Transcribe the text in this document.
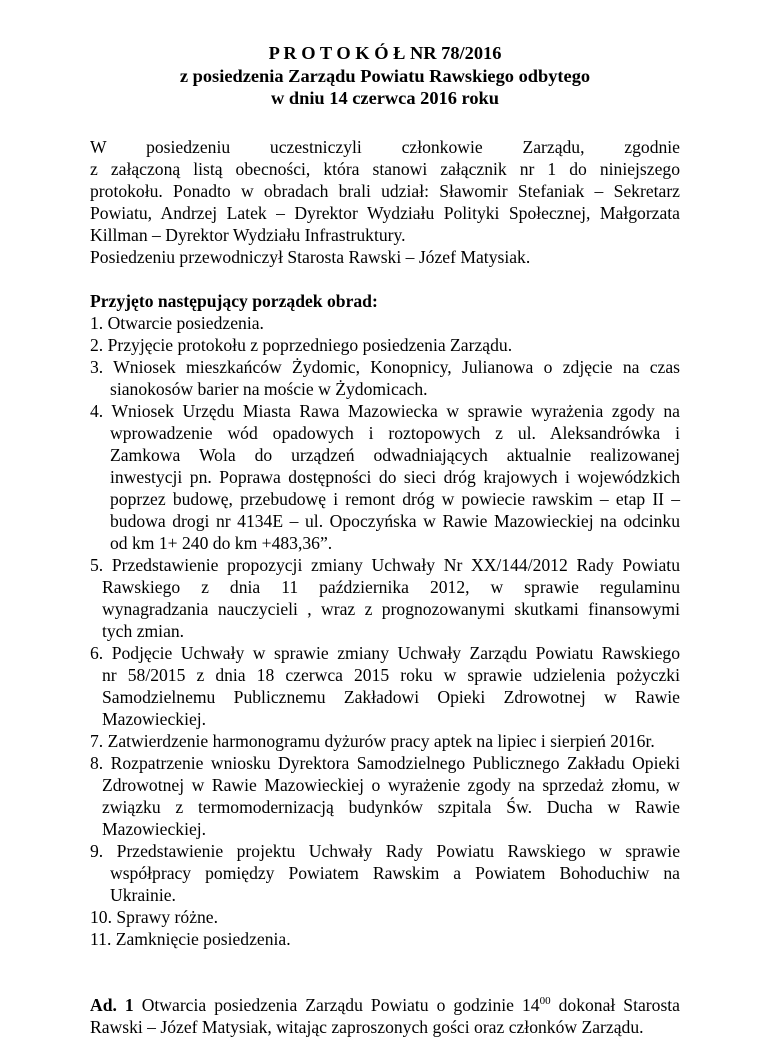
P R O T O K Ó Ł NR 78/2016
z posiedzenia Zarządu Powiatu Rawskiego odbytego
w dniu 14 czerwca 2016 roku
W posiedzeniu uczestniczyli członkowie Zarządu, zgodnie
z załączoną listą obecności, która stanowi załącznik nr 1 do niniejszego
protokołu. Ponadto w obradach brali udział: Sławomir Stefaniak – Sekretarz
Powiatu, Andrzej Latek – Dyrektor Wydziału Polityki Społecznej, Małgorzata
Killman – Dyrektor Wydziału Infrastruktury.
Posiedzeniu przewodniczył Starosta Rawski – Józef Matysiak.
Przyjęto następujący porządek obrad:
1. Otwarcie posiedzenia.
2. Przyjęcie protokołu z poprzedniego posiedzenia Zarządu.
3. Wniosek mieszkańców Żydomic, Konopnicy, Julianowa o zdjęcie na czas
sianokosów barier na moście w Żydomicach.
4. Wniosek Urzędu Miasta Rawa Mazowiecka w sprawie wyrażenia zgody na
wprowadzenie wód opadowych i roztopowych z ul. Aleksandrówka i
Zamkowa Wola do urządzeń odwadniających aktualnie realizowanej
inwestycji pn. Poprawa dostępności do sieci dróg krajowych i wojewódzkich
poprzez budowę, przebudowę i remont dróg w powiecie rawskim – etap II –
budowa drogi nr 4134E – ul. Opoczyńska w Rawie Mazowieckiej na odcinku
od km 1+ 240 do km +483,36”.
5. Przedstawienie propozycji zmiany Uchwały Nr XX/144/2012 Rady Powiatu
Rawskiego z dnia 11 października 2012, w sprawie regulaminu
wynagradzania nauczycieli , wraz z prognozowanymi skutkami finansowymi
tych zmian.
6. Podjęcie Uchwały w sprawie zmiany Uchwały Zarządu Powiatu Rawskiego
nr 58/2015 z dnia 18 czerwca 2015 roku w sprawie udzielenia pożyczki
Samodzielnemu Publicznemu Zakładowi Opieki Zdrowotnej w Rawie
Mazowieckiej.
7. Zatwierdzenie harmonogramu dyżurów pracy aptek na lipiec i sierpień 2016r.
8. Rozpatrzenie wniosku Dyrektora Samodzielnego Publicznego Zakładu Opieki
Zdrowotnej w Rawie Mazowieckiej o wyrażenie zgody na sprzedaż złomu, w
związku z termomodernizacją budynków szpitala Św. Ducha w Rawie
Mazowieckiej.
9. Przedstawienie projektu Uchwały Rady Powiatu Rawskiego w sprawie
współpracy pomiędzy Powiatem Rawskim a Powiatem Bohoduchiw na
Ukrainie.
10. Sprawy różne.
11. Zamknięcie posiedzenia.
Ad. 1 Otwarcia posiedzenia Zarządu Powiatu o godzinie $14^{00}$ dokonał Starosta
Rawski – Józef Matysiak, witając zaproszonych gości oraz członków Zarządu.
